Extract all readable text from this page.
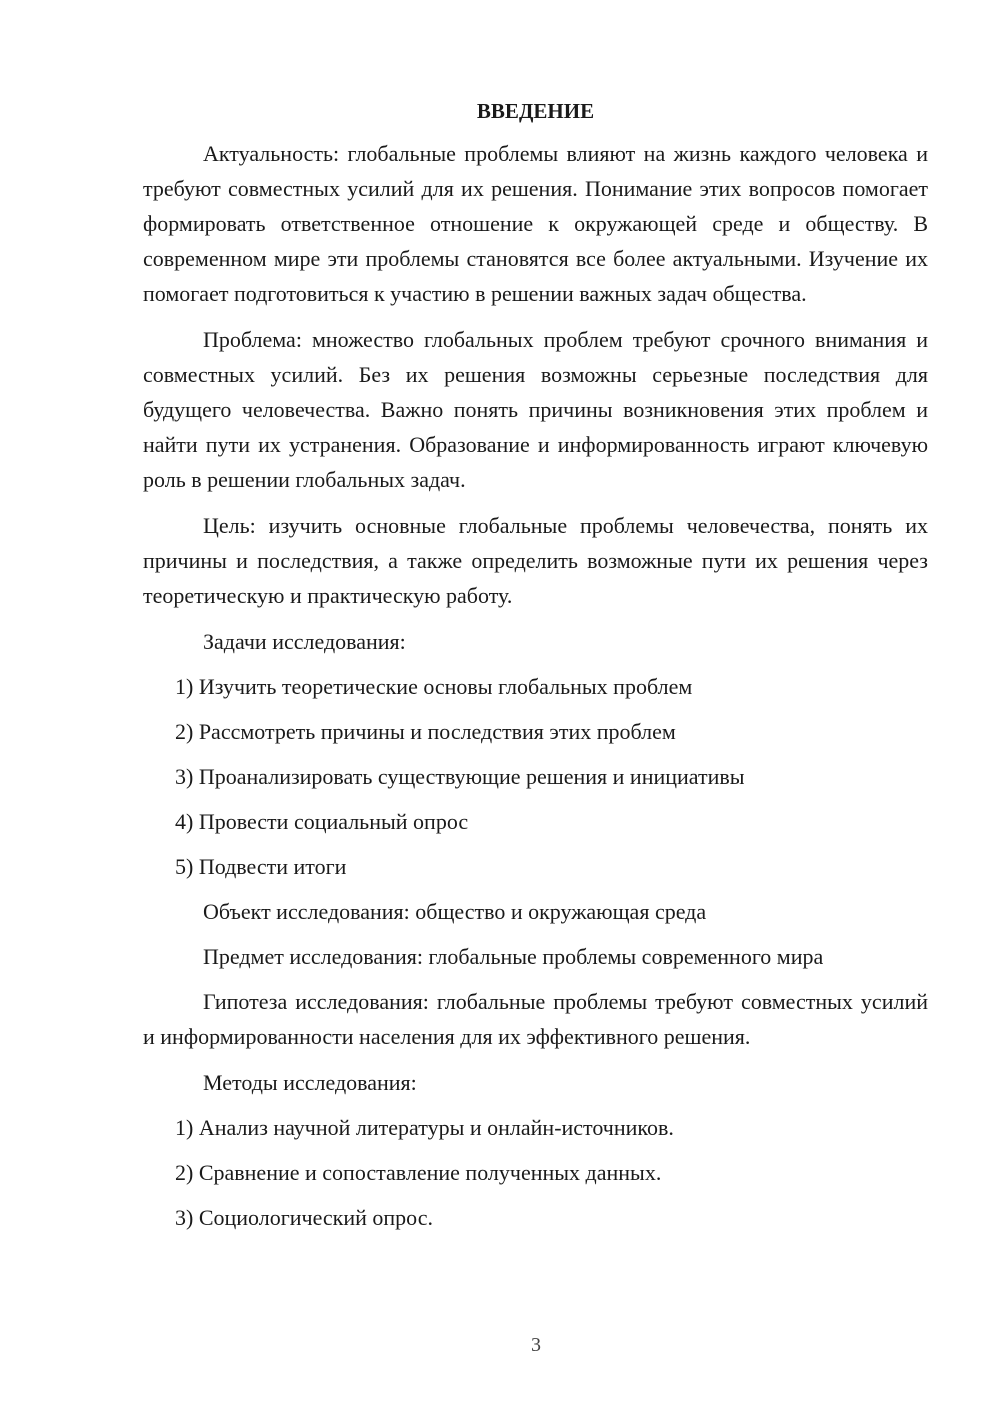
ВВЕДЕНИЕ

Актуальность: глобальные проблемы влияют на жизнь каждого человека и требуют совместных усилий для их решения. Понимание этих вопросов помогает формировать ответственное отношение к окружающей среде и обществу. В современном мире эти проблемы становятся все более актуальными. Изучение их помогает подготовиться к участию в решении важных задач общества.

Проблема: множество глобальных проблем требуют срочного внимания и совместных усилий. Без их решения возможны серьезные последствия для будущего человечества. Важно понять причины возникновения этих проблем и найти пути их устранения. Образование и информированность играют ключевую роль в решении глобальных задач.

Цель: изучить основные глобальные проблемы человечества, понять их причины и последствия, а также определить возможные пути их решения через теоретическую и практическую работу.

Задачи исследования:
1) Изучить теоретические основы глобальных проблем
2) Рассмотреть причины и последствия этих проблем
3) Проанализировать существующие решения и инициативы
4) Провести социальный опрос
5) Подвести итоги
Объект исследования: общество и окружающая среда
Предмет исследования: глобальные проблемы современного мира

Гипотеза исследования: глобальные проблемы требуют совместных усилий и информированности населения для их эффективного решения.

Методы исследования:
1) Анализ научной литературы и онлайн-источников.
2) Сравнение и сопоставление полученных данных.
3) Социологический опрос.
3
